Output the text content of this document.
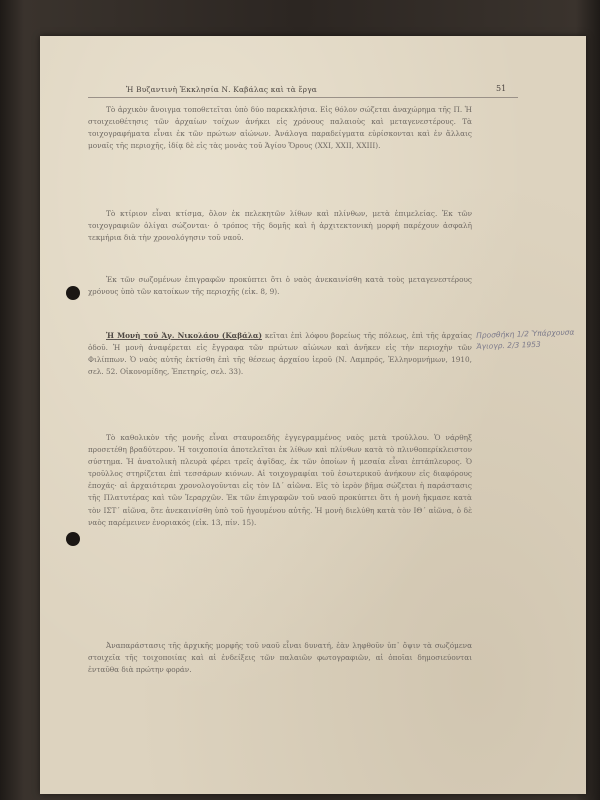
Ἡ Βυζαντινὴ Ἐκκλησία Ν. Καβάλας καὶ τὰ ἔργα	51

Τὸ ἀρχικὸν ἄνοιγμα τοποθετεῖται ὑπὸ δύο παρεκκλήσια. Εἰς θόλον σώζεται ἀναχώρημα τῆς Π. Ἡ στοιχειοθέτησις τῶν ἀρχαίων τοίχων ἀνήκει εἰς χρόνους παλαιοὺς καὶ μεταγενεστέρους. Τὰ τοιχογραφήματα εἶναι ἐκ τῶν πρώτων αἰώνων. Ἀνάλογα παραδείγματα εὑρίσκονται καὶ ἐν ἄλλαις μοναῖς τῆς περιοχῆς, ἰδίᾳ δὲ εἰς τὰς μονὰς τοῦ Ἁγίου Ὄρους (ΧΧΙ, ΧΧΙΙ, ΧΧΙΙΙ).

Τὸ κτίριον εἶναι κτίσμα, ὅλον ἐκ πελεκητῶν λίθων καὶ πλίνθων, μετὰ ἐπιμελείας. Ἐκ τῶν τοιχογραφιῶν ὀλίγαι σώζονται· ὁ τρόπος τῆς δομῆς καὶ ἡ ἀρχιτεκτονικὴ μορφὴ παρέχουν ἀσφαλῆ τεκμήρια διὰ τὴν χρονολόγησιν τοῦ ναοῦ.

Ἐκ τῶν σωζομένων ἐπιγραφῶν προκύπτει ὅτι ὁ ναὸς ἀνεκαινίσθη κατὰ τοὺς μεταγενεστέρους χρόνους ὑπὸ τῶν κατοίκων τῆς περιοχῆς (εἰκ. 8, 9).

Ἡ Μονὴ τοῦ Ἁγ. Νικολάου (Καβάλα) κεῖται ἐπὶ λόφου βορείως τῆς πόλεως, ἐπὶ τῆς ἀρχαίας ὁδοῦ. Ἡ μονὴ ἀναφέρεται εἰς ἔγγραφα τῶν πρώτων αἰώνων καὶ ἀνῆκεν εἰς τὴν περιοχὴν τῶν Φιλίππων. Ὁ ναὸς αὐτῆς ἐκτίσθη ἐπὶ τῆς θέσεως ἀρχαίου ἱεροῦ (Ν. Λαμπρός, Ἑλληνομνήμων, 1910, σελ. 52. Οἰκονομίδης, Ἐπετηρίς, σελ. 33).

Τὸ καθολικὸν τῆς μονῆς εἶναι σταυροειδὴς ἐγγεγραμμένος ναὸς μετὰ τρούλλου. Ὁ νάρθηξ προσετέθη βραδύτερον. Ἡ τοιχοποιία ἀποτελεῖται ἐκ λίθων καὶ πλίνθων κατὰ τὸ πλινθοπερίκλειστον σύστημα. Ἡ ἀνατολικὴ πλευρὰ φέρει τρεῖς ἁψῖδας, ἐκ τῶν ὁποίων ἡ μεσαία εἶναι ἑπτάπλευρος. Ὁ τροῦλλος στηρίζεται ἐπὶ τεσσάρων κιόνων. Αἱ τοιχογραφίαι τοῦ ἐσωτερικοῦ ἀνήκουν εἰς διαφόρους ἐποχάς· αἱ ἀρχαιότεραι χρονολογοῦνται εἰς τὸν ΙΔ΄ αἰῶνα. Εἰς τὸ ἱερὸν βῆμα σώζεται ἡ παράστασις τῆς Πλατυτέρας καὶ τῶν Ἱεραρχῶν. Ἐκ τῶν ἐπιγραφῶν τοῦ ναοῦ προκύπτει ὅτι ἡ μονὴ ἤκμασε κατὰ τὸν ΙΣΤ΄ αἰῶνα, ὅτε ἀνεκαινίσθη ὑπὸ τοῦ ἡγουμένου αὐτῆς. Ἡ μονὴ διελύθη κατὰ τὸν ΙΘ΄ αἰῶνα, ὁ δὲ ναὸς παρέμεινεν ἐνοριακός (εἰκ. 13, πίν. 15).

Ἀναπαράστασις τῆς ἀρχικῆς μορφῆς τοῦ ναοῦ εἶναι δυνατή, ἐὰν ληφθοῦν ὑπ᾽ ὄψιν τὰ σωζόμενα στοιχεῖα τῆς τοιχοποιίας καὶ αἱ ἐνδείξεις τῶν παλαιῶν φωτογραφιῶν, αἱ ὁποῖαι δημοσιεύονται ἐνταῦθα διὰ πρώτην φοράν.

Προσθήκη 1/2 Ὑπάρχουσα Ἁγιογρ. 2/3 1953
